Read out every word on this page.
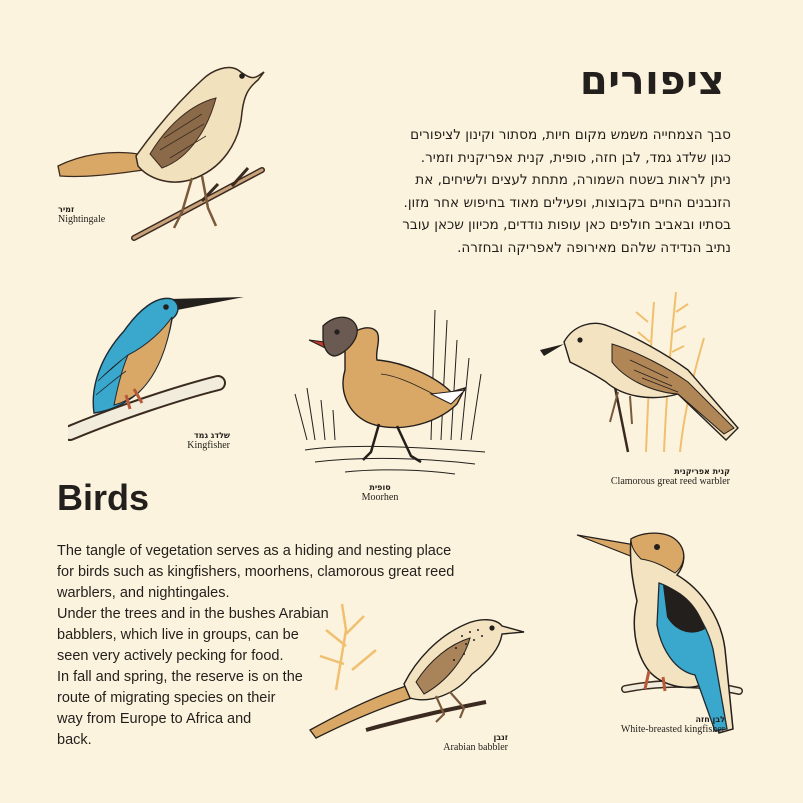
ציפורים
סבך הצמחייה משמש מקום חיות, מסתור וקינון לציפורים
כגון שלדג גמד, לבן חזה, סופית, קנית אפריקנית וזמיר.
ניתן לראות בשטח השמורה, מתחת לעצים ולשיחים, את
הזנבנים החיים בקבוצות, ופעילים מאוד בחיפוש אחר מזון.
בסתיו ובאביב חולפים כאן עופות נודדים, מכיוון שכאן עובר
נתיב הנדידה שלהם מאירופה לאפריקה ובחזרה.
זמיר
Nightingale
שלדג גמד
Kingfisher
סופית
Moorhen
קנית אפריקנית
Clamorous great reed warbler
Birds
The tangle of vegetation serves as a hiding and nesting place
for birds such as kingfishers, moorhens, clamorous great reed
warblers, and nightingales.
Under the trees and in the bushes Arabian
babblers, which live in groups, can be
seen very actively pecking for food.
In fall and spring, the reserve is on the
route of migrating species on their
way from Europe to Africa and
back.	זנבן
Arabian babbler
לבן חזה
White-breasted kingfisher
